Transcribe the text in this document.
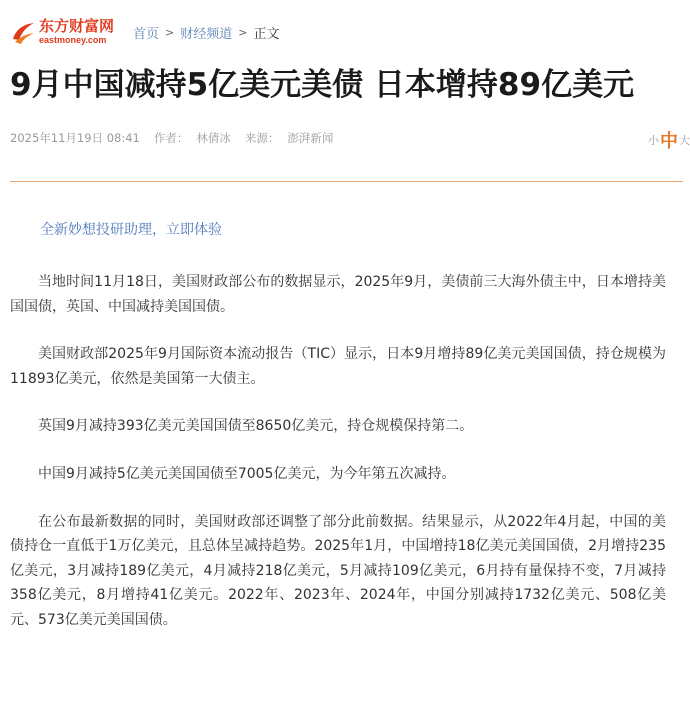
东方财富网
eastmoney.com	首页 > 财经频道 > 正文
9月中国减持5亿美元美债 日本增持89亿美元
2025年11月19日 08:41 作者： 林倩冰 来源： 澎湃新闻	小 中 大
全新妙想投研助理，立即体验

当地时间11月18日，美国财政部公布的数据显示，2025年9月，美债前三大海外债主中，日本增持美国国债，英国、中国减持美国国债。

美国财政部2025年9月国际资本流动报告（TIC）显示，日本9月增持89亿美元美国国债，持仓规模为11893亿美元，依然是美国第一大债主。

英国9月减持393亿美元美国国债至8650亿美元，持仓规模保持第二。

中国9月减持5亿美元美国国债至7005亿美元，为今年第五次减持。

在公布最新数据的同时，美国财政部还调整了部分此前数据。结果显示，从2022年4月起，中国的美债持仓一直低于1万亿美元，且总体呈减持趋势。2025年1月，中国增持18亿美元美国国债，2月增持235亿美元，3月减持189亿美元，4月减持218亿美元，5月减持109亿美元，6月持有量保持不变，7月减持358亿美元，8月增持41亿美元。2022年、2023年、2024年，中国分别减持1732亿美元、508亿美元、573亿美元美国国债。
